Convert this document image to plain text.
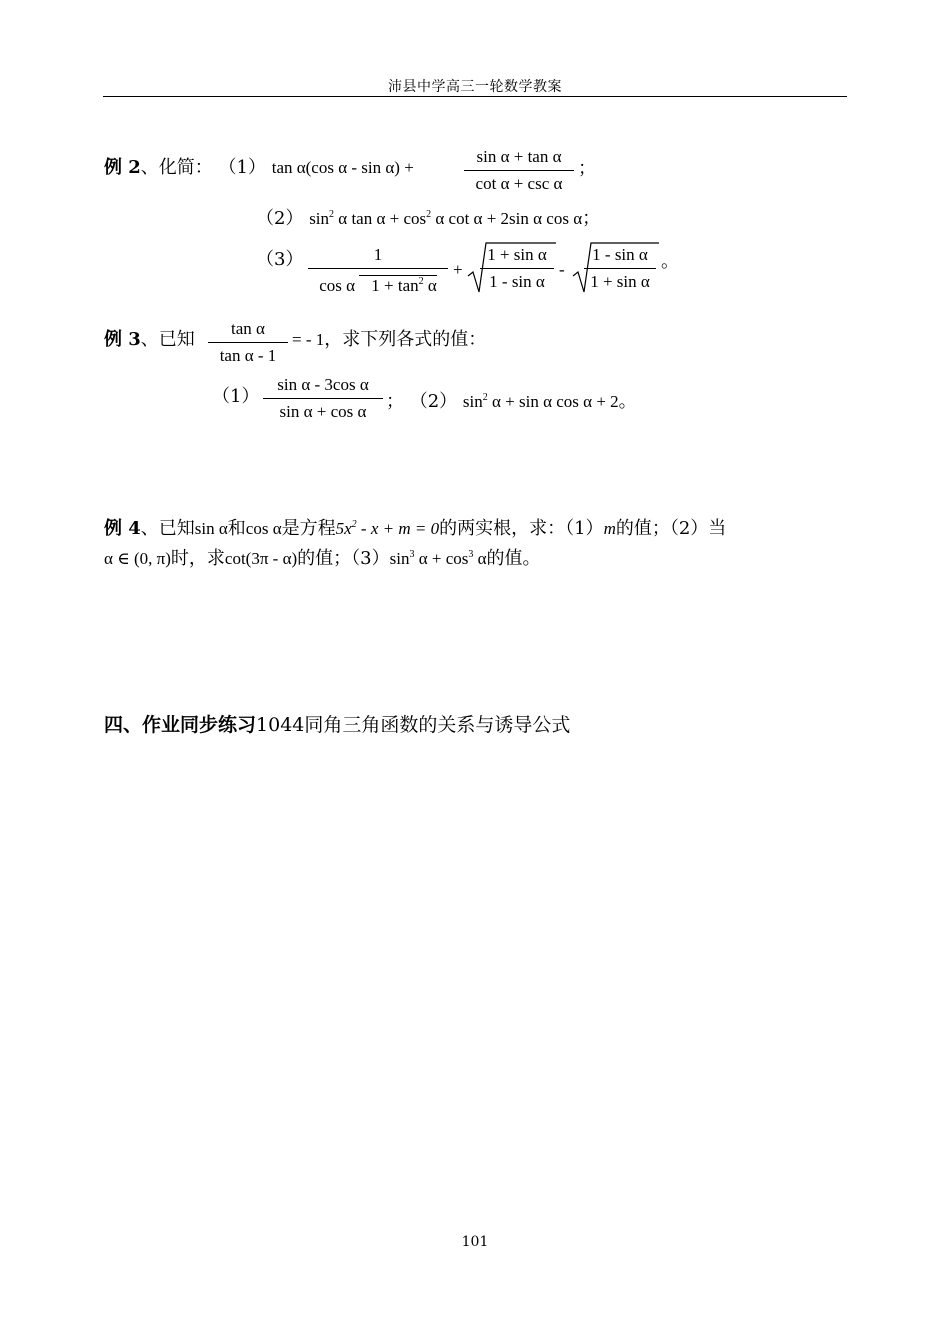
沛县中学高三一轮数学教案
例 2、化简： （1） tan α(cos α - sin α) +
sin α + tan α
cot α + csc α
；
（2） $\sin^2 \alpha$ $\tan \alpha + \cos^2 \alpha$ cot α + 2sin α cos α；
（3）	1
cos α $1 + \tan^2 \alpha$
+
1 + sin α
1 - sin α
-
1 - sin α
1 + sin α
。
例 3、已知
tan α
tan α - 1
= - 1，求下列各式的值：
（1）
sin α - 3cos α
sin α + cos α	； （2） $\sin^2 \alpha + \sin \alpha$ cos α + 2。
例 4、已知sin α和cos α是方程$5x^2 - x + m = 0$的两实根，求：（1）m的值；（2）当
α ∈ (0, π)时，求cot(3π - α)的值；$(3)\sin^3$ $\alpha + \cos^3 \alpha$的值。
四、作业同步练习1044同角三角函数的关系与诱导公式
101
